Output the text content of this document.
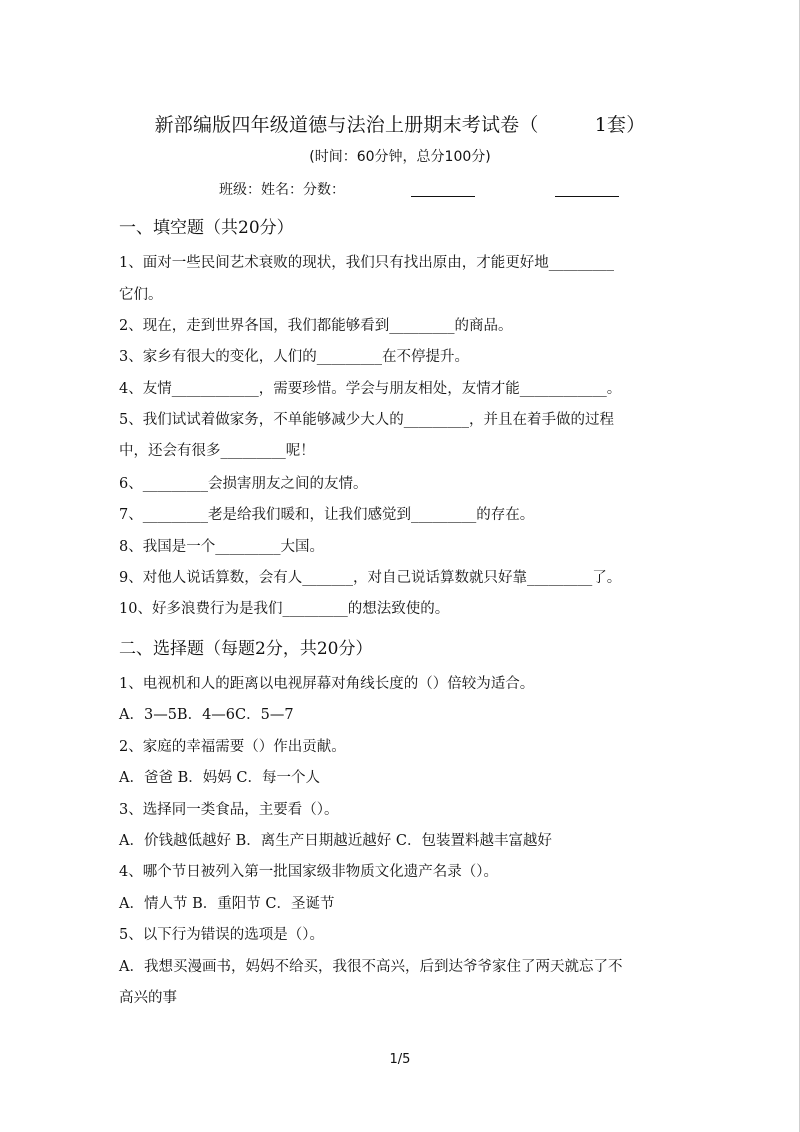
新部编版四年级道德与法治上册期末考试卷（         1套）
(时间：60分钟，总分100分)
班级：姓名：分数：
一、填空题（共20分）
1、面对一些民间艺术衰败的现状，我们只有找出原由，才能更好地_________
它们。
2、现在，走到世界各国，我们都能够看到_________的商品。
3、家乡有很大的变化，人们的_________在不停提升。
4、友情____________，需要珍惜。学会与朋友相处，友情才能____________。
5、我们试试着做家务，不单能够减少大人的_________，并且在着手做的过程
中，还会有很多_________呢！
6、_________会损害朋友之间的友情。
7、_________老是给我们暖和，让我们感觉到_________的存在。
8、我国是一个_________大国。
9、对他人说话算数，会有人_______，对自己说话算数就只好靠_________了。
10、好多浪费行为是我们_________的想法致使的。
二、选择题（每题2分，共20分）
1、电视机和人的距离以电视屏幕对角线长度的（）倍较为适合。
A．3—5B．4—6C．5—7
2、家庭的幸福需要（）作出贡献。
A．爸爸 B．妈妈 C．每一个人
3、选择同一类食品，主要看（）。
A．价钱越低越好 B．离生产日期越近越好 C．包装置料越丰富越好
4、哪个节日被列入第一批国家级非物质文化遗产名录（）。
A．情人节 B．重阳节 C．圣诞节
5、以下行为错误的选项是（）。
A．我想买漫画书，妈妈不给买，我很不高兴，后到达爷爷家住了两天就忘了不
高兴的事
1/5
